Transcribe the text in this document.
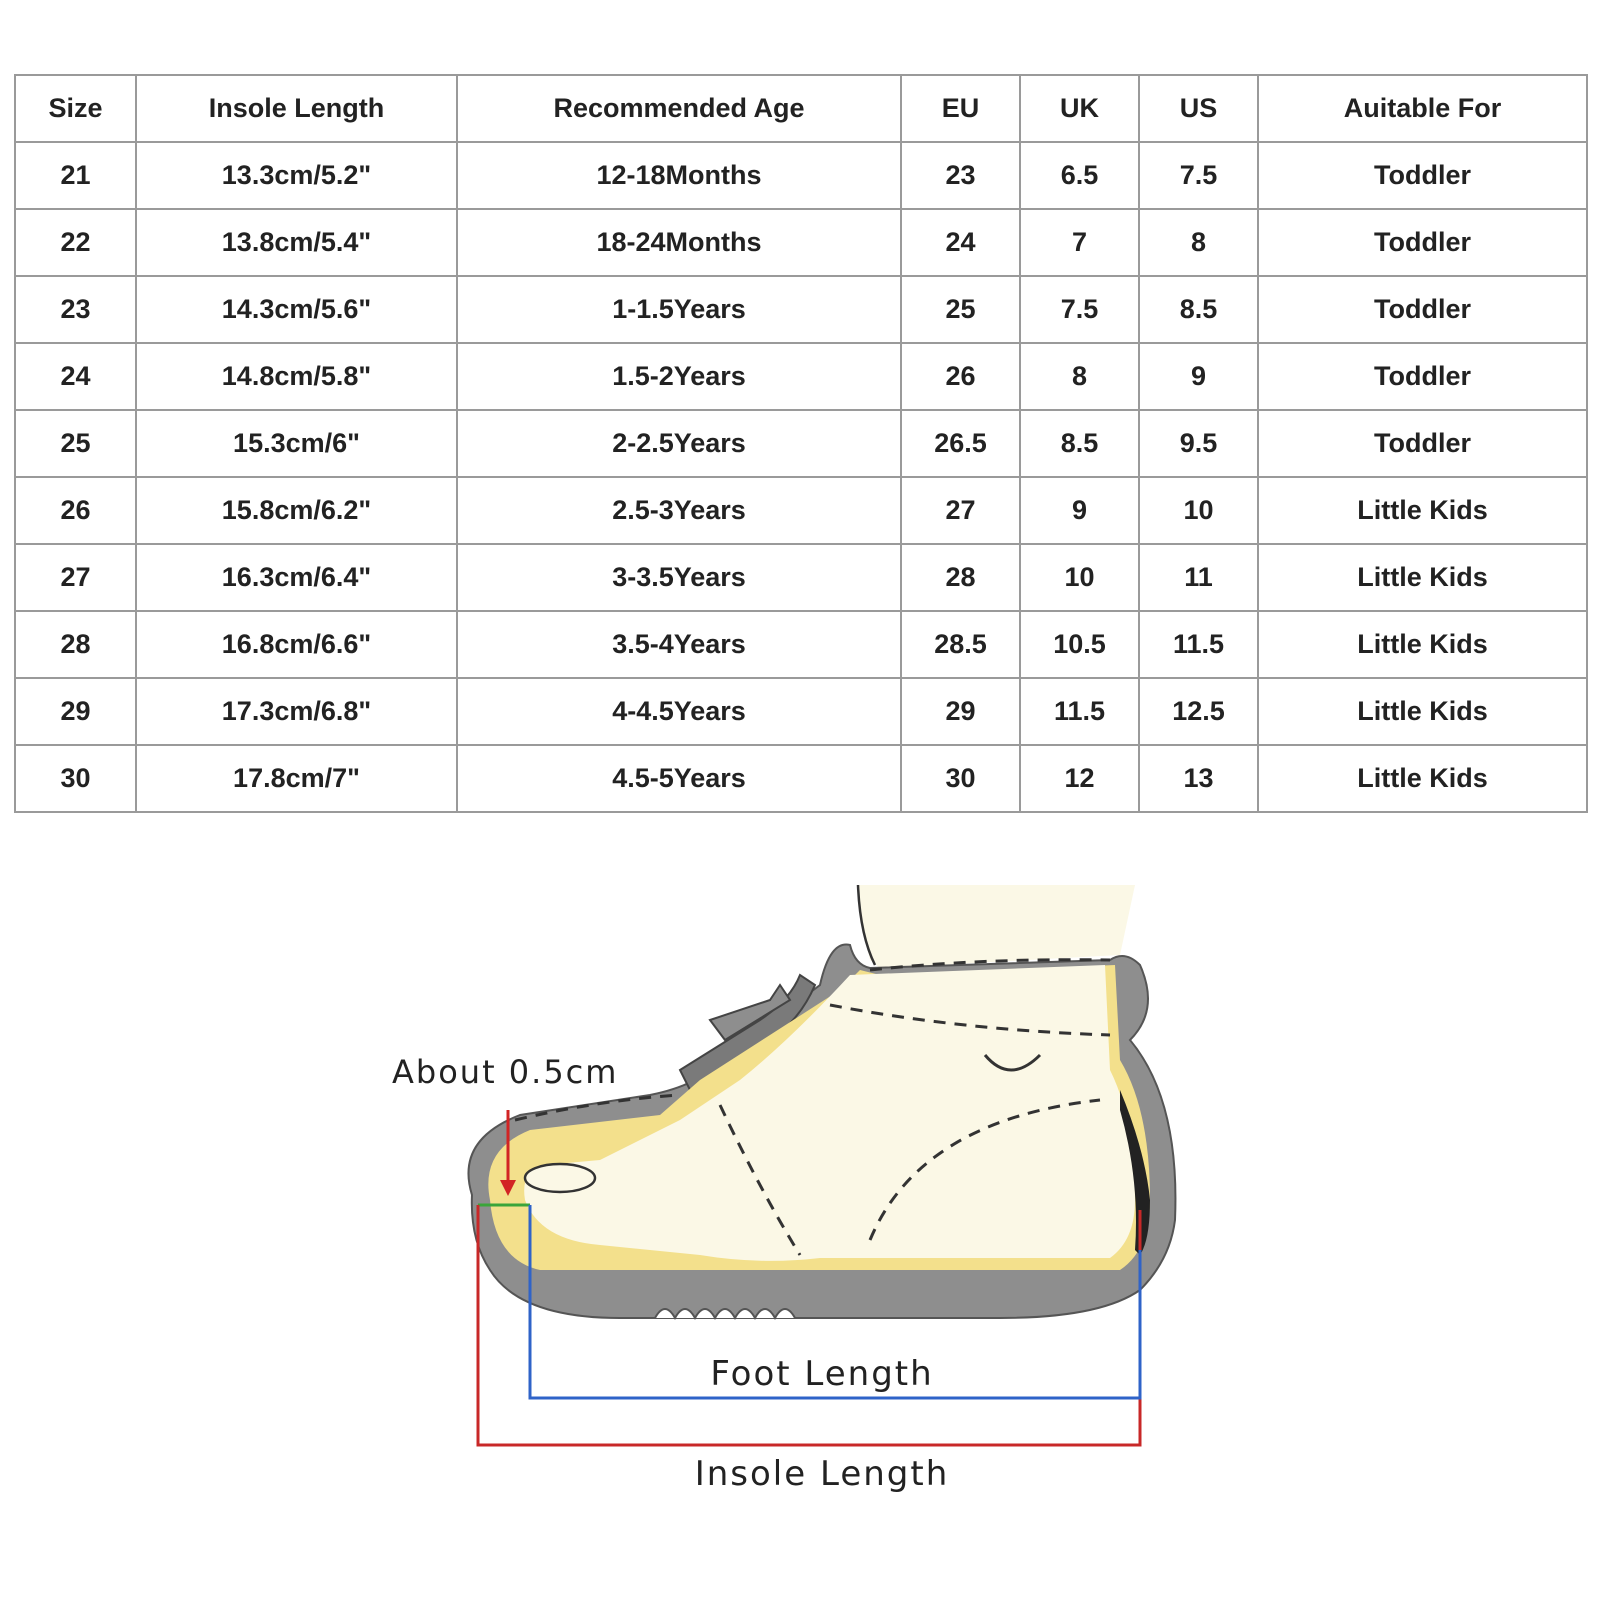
Size	Insole Length	Recommended Age	EU	UK	US	Auitable For
21	13.3cm/5.2"	12-18Months	23	6.5	7.5	Toddler
22	13.8cm/5.4"	18-24Months	24	7	8	Toddler
23	14.3cm/5.6"	1-1.5Years	25	7.5	8.5	Toddler
24	14.8cm/5.8"	1.5-2Years	26	8	9	Toddler
25	15.3cm/6"	2-2.5Years	26.5	8.5	9.5	Toddler
26	15.8cm/6.2"	2.5-3Years	27	9	10	Little Kids
27	16.3cm/6.4"	3-3.5Years	28	10	11	Little Kids
28	16.8cm/6.6"	3.5-4Years	28.5	10.5	11.5	Little Kids
29	17.3cm/6.8"	4-4.5Years	29	11.5	12.5	Little Kids
30	17.8cm/7"	4.5-5Years	30	12	13	Little Kids
About 0.5cm
Foot Length
Insole Length
